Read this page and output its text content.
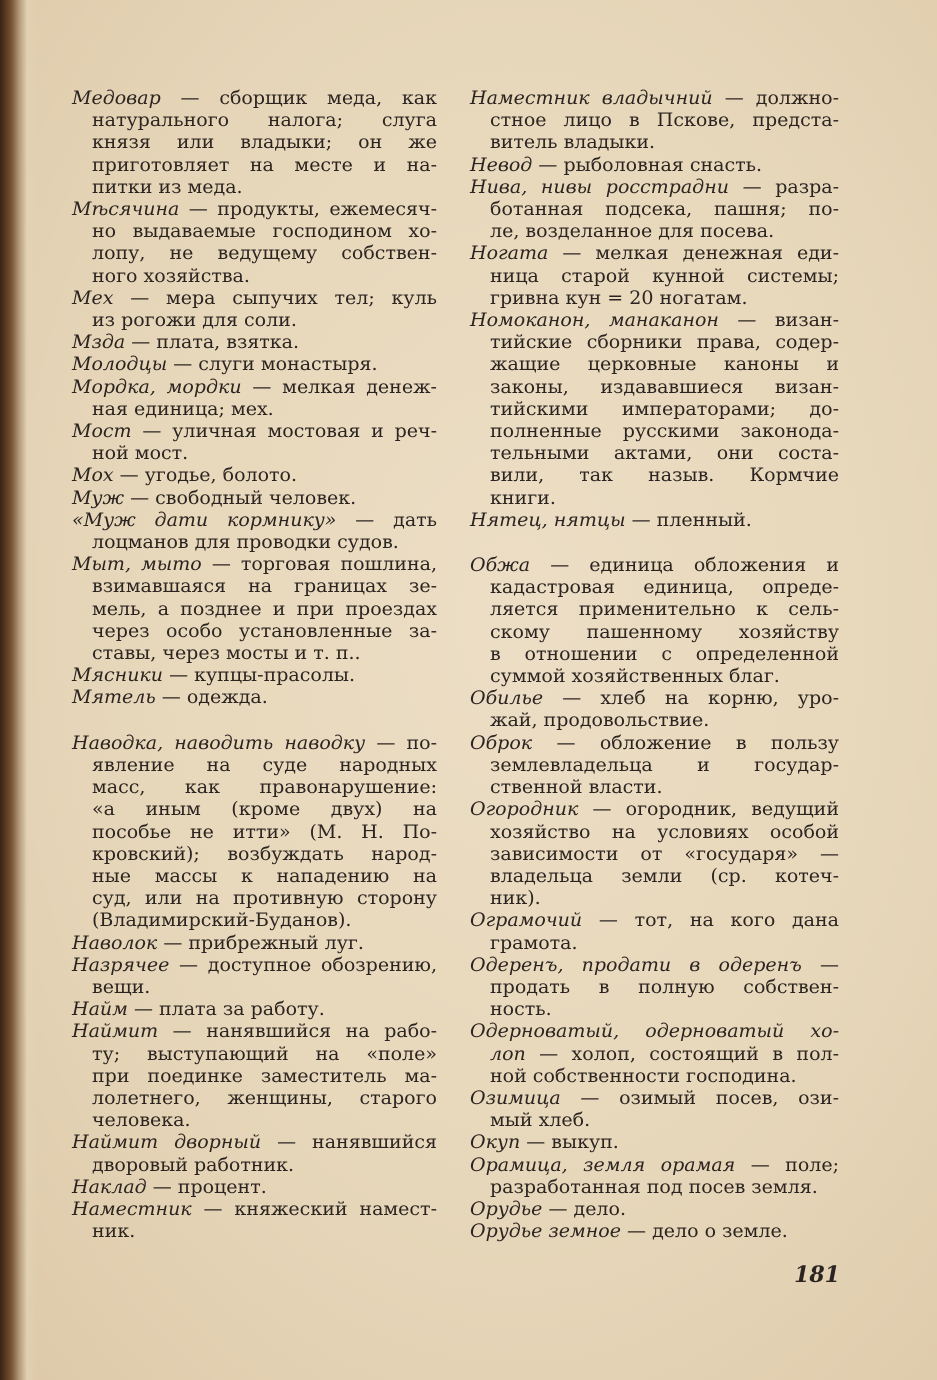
Медовар — сборщик меда, как
натурального налога; слуга
князя или владыки; он же
приготовляет на месте и на-
питки из меда.
Мѣсячина — продукты, ежемесяч-
но выдаваемые господином хо-
лопу, не ведущему собствен-
ного хозяйства.
Мех — мера сыпучих тел; куль
из рогожи для соли.
Мзда — плата, взятка.
Молодцы — слуги монастыря.
Мордка, мордки — мелкая денеж-
ная единица; мех.
Мост — уличная мостовая и реч-
ной мост.
Мох — угодье, болото.
Муж — свободный человек.
«Муж дати кормнику» — дать
лоцманов для проводки судов.
Мыт, мыто — торговая пошлина,
взимавшаяся на границах зе-
мель, а позднее и при проездах
через особо установленные за-
ставы, через мосты и т. п..
Мясники — купцы-прасолы.
Мятель — одежда.
Наводка, наводить наводку — по-
явление на суде народных
масс, как правонарушение:
«а иным (кроме двух) на
пособье не итти» (М. Н. По-
кровский); возбуждать народ-
ные массы к нападению на
суд, или на противную сторону
(Владимирский-Буданов).
Наволок — прибрежный луг.
Назрячее — доступное обозрению,
вещи.
Найм — плата за работу.
Наймит — нанявшийся на рабо-
ту; выступающий на «поле»
при поединке заместитель ма-
лолетнего, женщины, старого
человека.
Наймит дворный — нанявшийся
дворовый работник.
Наклад — процент.
Наместник — княжеский намест-
ник.
Наместник владычний — должно-
стное лицо в Пскове, предста-
витель владыки.
Невод — рыболовная снасть.
Нива, нивы росстрадни — разра-
ботанная подсека, пашня; по-
ле, возделанное для посева.
Ногата — мелкая денежная еди-
ница старой кунной системы;
гривна кун = 20 ногатам.
Номоканон, манаканон — визан-
тийские сборники права, содер-
жащие церковные каноны и
законы, издававшиеся визан-
тийскими императорами; до-
полненные русскими законода-
тельными актами, они соста-
вили, так назыв. Кормчие
книги.
Нятец, нятцы — пленный.
Обжа — единица обложения и
кадастровая единица, опреде-
ляется применительно к сель-
скому пашенному хозяйству
в отношении с определенной
суммой хозяйственных благ.
Обилье — хлеб на корню, уро-
жай, продовольствие.
Оброк — обложение в пользу
землевладельца и государ-
ственной власти.
Огородник — огородник, ведущий
хозяйство на условиях особой
зависимости от «государя» —
владельца земли (ср. котеч-
ник).
Ограмочий — тот, на кого дана
грамота.
Одеренъ, продати в одеренъ —
продать в полную собствен-
ность.
Одерноватый, одерноватый хо-
лоп — холоп, состоящий в пол-
ной собственности господина.
Озимица — озимый посев, ози-
мый хлеб.
Окуп — выкуп.
Орамица, земля орамая — поле;
разработанная под посев земля.
Орудье — дело.
Орудье земное — дело о земле.
181
